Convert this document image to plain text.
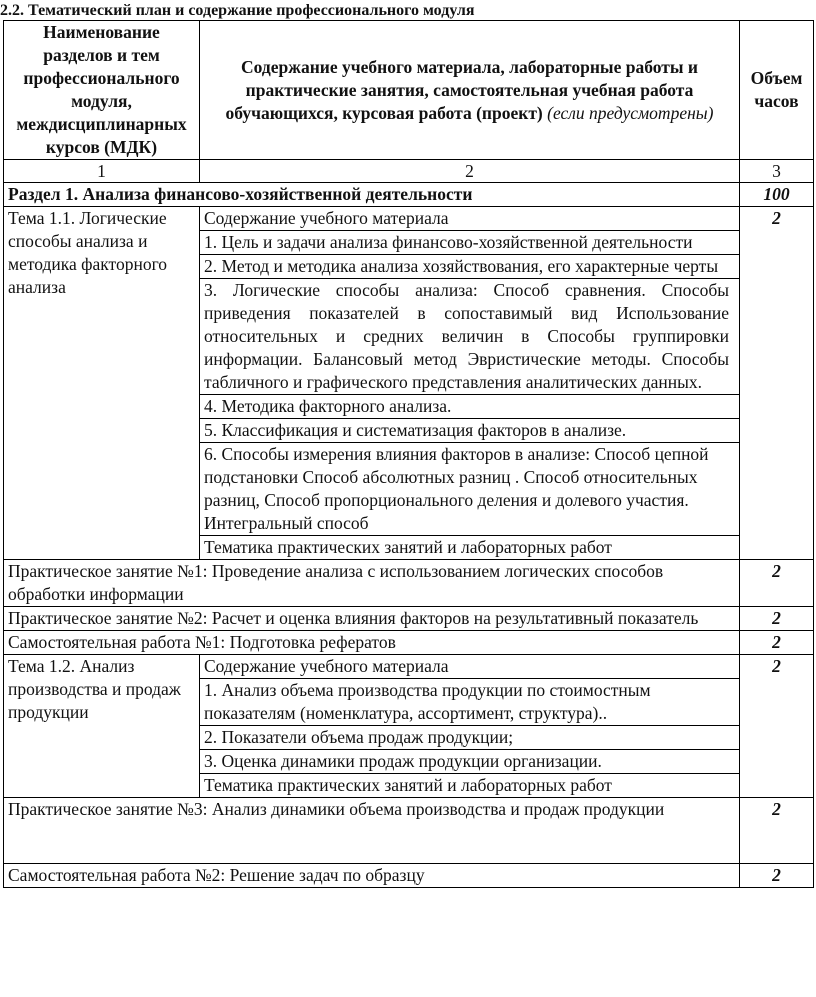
2.2. Тематический план и содержание профессионального модуля
Наименование разделов и тем профессионального модуля, междисциплинарных курсов (МДК)	Содержание учебного материала, лабораторные работы и практические занятия, самостоятельная учебная работа обучающихся, курсовая работа (проект) (если предусмотрены)	Объем часов
1	2	3
Раздел 1. Анализа финансово-хозяйственной деятельности		100
Тема 1.1. Логические способы анализа и методика факторного анализа	Содержание учебного материала	2
	1. Цель и задачи анализа финансово-хозяйственной деятельности	
	2. Метод и методика анализа хозяйствования, его характерные черты	
	3. Логические способы анализа: Способ сравнения. Способы приведения показателей в сопоставимый вид Использование относительных и средних величин в Способы группировки информации. Балансовый метод Эвристические методы. Способы табличного и графического представления аналитических данных.	
	4. Методика факторного анализа.	
	5. Классификация и систематизация факторов в анализе.	
	6. Способы измерения влияния факторов в анализе: Способ цепной подстановки Способ абсолютных разниц . Способ относительных разниц, Способ пропорционального деления и долевого участия. Интегральный способ	
	Тематика практических занятий и лабораторных работ	
Практическое занятие №1: Проведение анализа с использованием логических способов обработки информации		2
Практическое занятие №2: Расчет и оценка влияния факторов на результативный показатель		2
Самостоятельная работа №1: Подготовка рефератов		2
Тема 1.2. Анализ производства и продаж продукции	Содержание учебного материала	2
	1. Анализ объема производства продукции по стоимостным показателям (номенклатура, ассортимент, структура)..	
	2. Показатели объема продаж продукции;	
	3. Оценка динамики продаж продукции организации.	
	Тематика практических занятий и лабораторных работ	
Практическое занятие №3: Анализ динамики объема производства и продаж продукции		2
Самостоятельная работа №2: Решение задач по образцу		2
